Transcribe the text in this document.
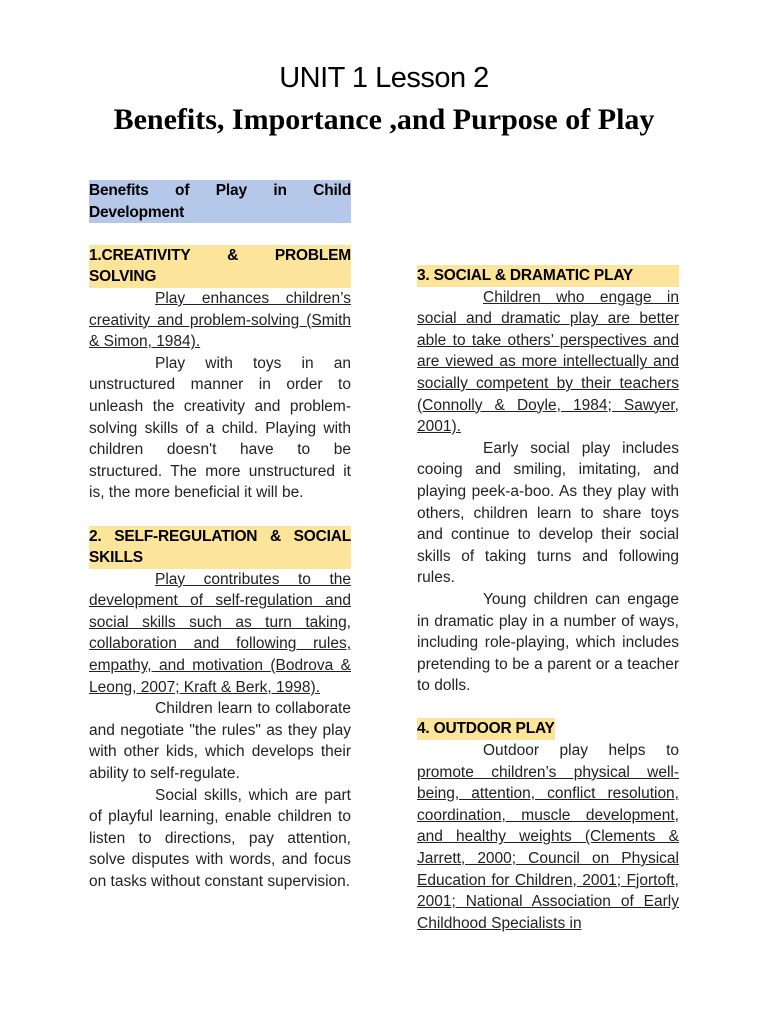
UNIT 1 Lesson 2
Benefits, Importance ,and Purpose of Play
Benefits of Play in Child Development
1.CREATIVITY & PROBLEM SOLVING

Play enhances children’s creativity and problem-solving (Smith & Simon, 1984).

Play with toys in an unstructured manner in order to unleash the creativity and problem-solving skills of a child. Playing with children doesn't have to be structured. The more unstructured it is, the more beneficial it will be.

2. SELF-REGULATION & SOCIAL SKILLS

Play contributes to the development of self-regulation and social skills such as turn taking, collaboration and following rules, empathy, and motivation (Bodrova & Leong, 2007; Kraft & Berk, 1998).

Children learn to collaborate and negotiate "the rules" as they play with other kids, which develops their ability to self-regulate.

Social skills, which are part of playful learning, enable children to listen to directions, pay attention, solve disputes with words, and focus on tasks without constant supervision.

3. SOCIAL & DRAMATIC PLAY

Children who engage in social and dramatic play are better able to take others’ perspectives and are viewed as more intellectually and socially competent by their teachers (Connolly & Doyle, 1984; Sawyer, 2001).

Early social play includes cooing and smiling, imitating, and playing peek-a-boo. As they play with others, children learn to share toys and continue to develop their social skills of taking turns and following rules.

Young children can engage in dramatic play in a number of ways, including role-playing, which includes pretending to be a parent or a teacher to dolls.

4. OUTDOOR PLAY

Outdoor play helps to promote children’s physical well-being, attention, conflict resolution, coordination, muscle development, and healthy weights (Clements & Jarrett, 2000; Council on Physical Education for Children, 2001; Fjortoft, 2001; National Association of Early Childhood Specialists in
